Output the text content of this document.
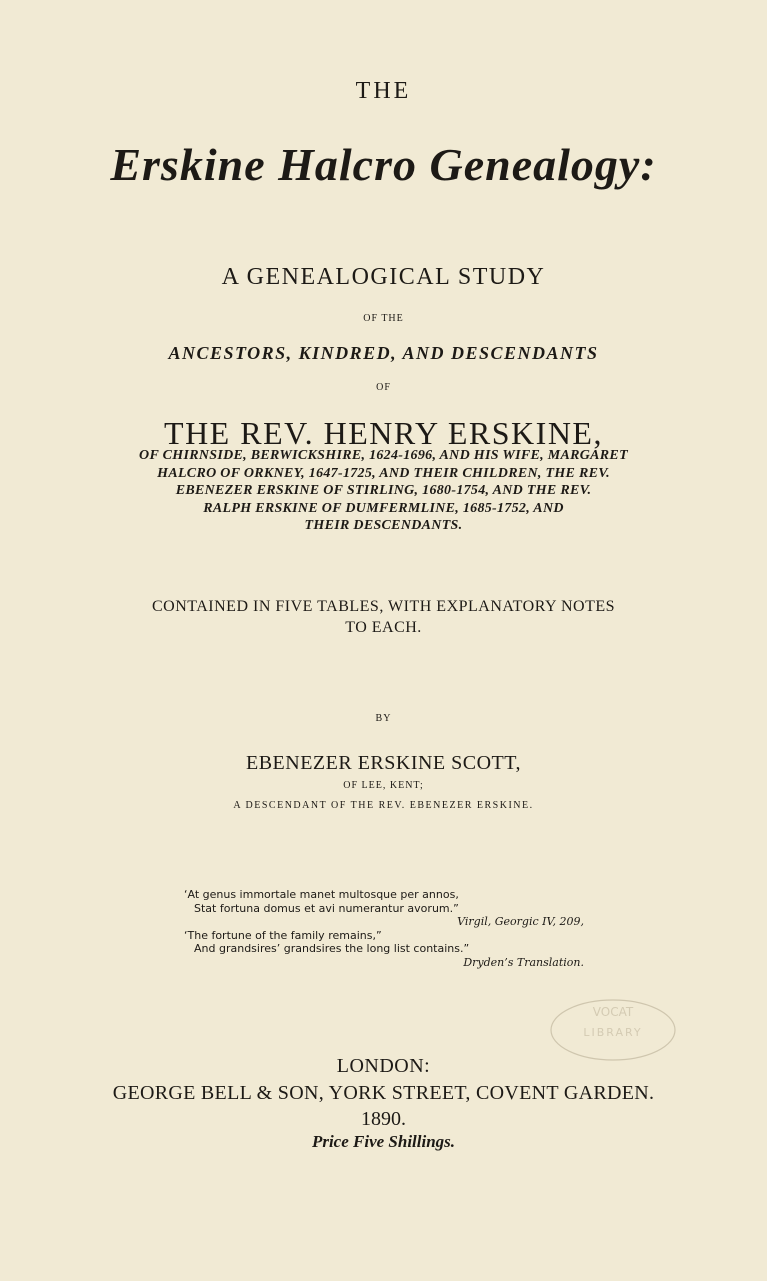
THE
Erskine Halcro Genealogy:
A GENEALOGICAL STUDY
OF THE
ANCESTORS, KINDRED, AND DESCENDANTS
OF
THE REV. HENRY ERSKINE,
OF CHIRNSIDE, BERWICKSHIRE, 1624-1696, AND HIS WIFE, MARGARET
HALCRO OF ORKNEY, 1647-1725, AND THEIR CHILDREN, THE REV.
EBENEZER ERSKINE OF STIRLING, 1680-1754, AND THE REV.
RALPH ERSKINE OF DUMFERMLINE, 1685-1752, AND
THEIR DESCENDANTS.
CONTAINED IN FIVE TABLES, WITH EXPLANATORY NOTES
TO EACH.
BY
EBENEZER ERSKINE SCOTT,
OF LEE, KENT;
A DESCENDANT OF THE REV. EBENEZER ERSKINE.
‘At genus immortale manet multosque per annos,
Stat fortuna domus et avi numerantur avorum.”
Virgil, Georgic IV, 209,
‘The fortune of the family remains,”
And grandsires’ grandsires the long list contains.”
Dryden’s Translation.
VOCAT
LIBRARY
LONDON:
GEORGE BELL & SON, YORK STREET, COVENT GARDEN.
1890.
Price Five Shillings.
